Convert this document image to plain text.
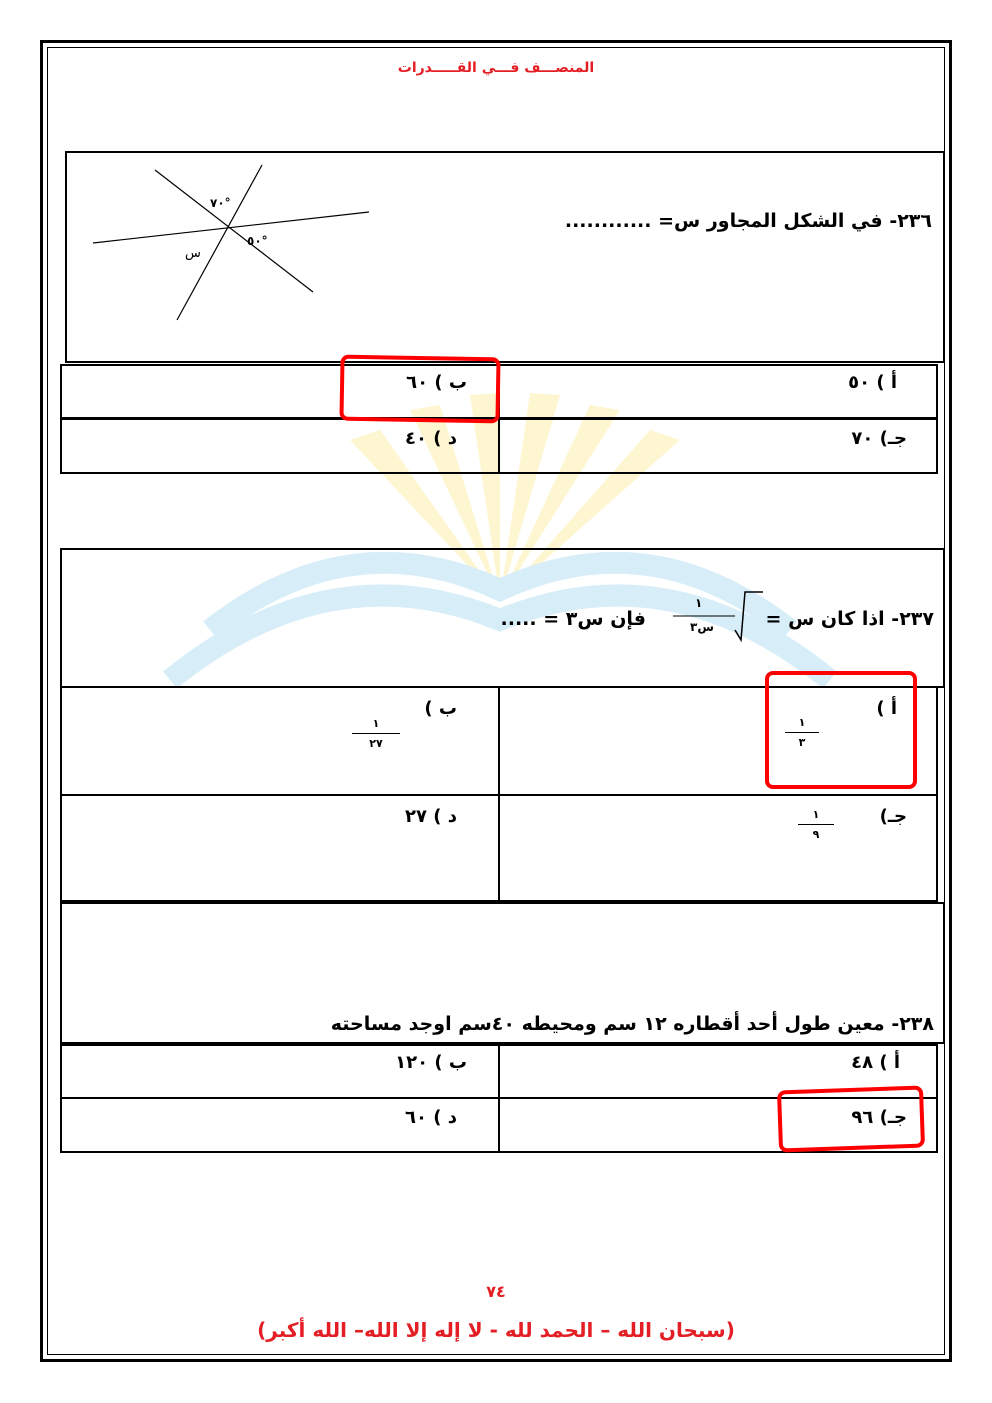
المنصـــف فـــي القـــــدرات
٧٠°
٥٠°
س
٢٣٦- في الشكل المجاور س= ............
أ ) ٥٠
ب ) ٦٠
جـ) ٧٠
د ) ٤٠
٢٣٧- اذا كان س =
١
س٣
فإن س٣ = .....
أ )
١
٣
ب )
١
٢٧
جـ)
١
٩
د ) ٢٧
٢٣٨- معين طول أحد أقطاره ١٢ سم ومحيطه ٤٠سم اوجد مساحته
أ ) ٤٨
ب ) ١٢٠
جـ) ٩٦
د ) ٦٠
٧٤
(سبحان الله – الحمد لله - لا إله إلا الله– الله أكبر)
